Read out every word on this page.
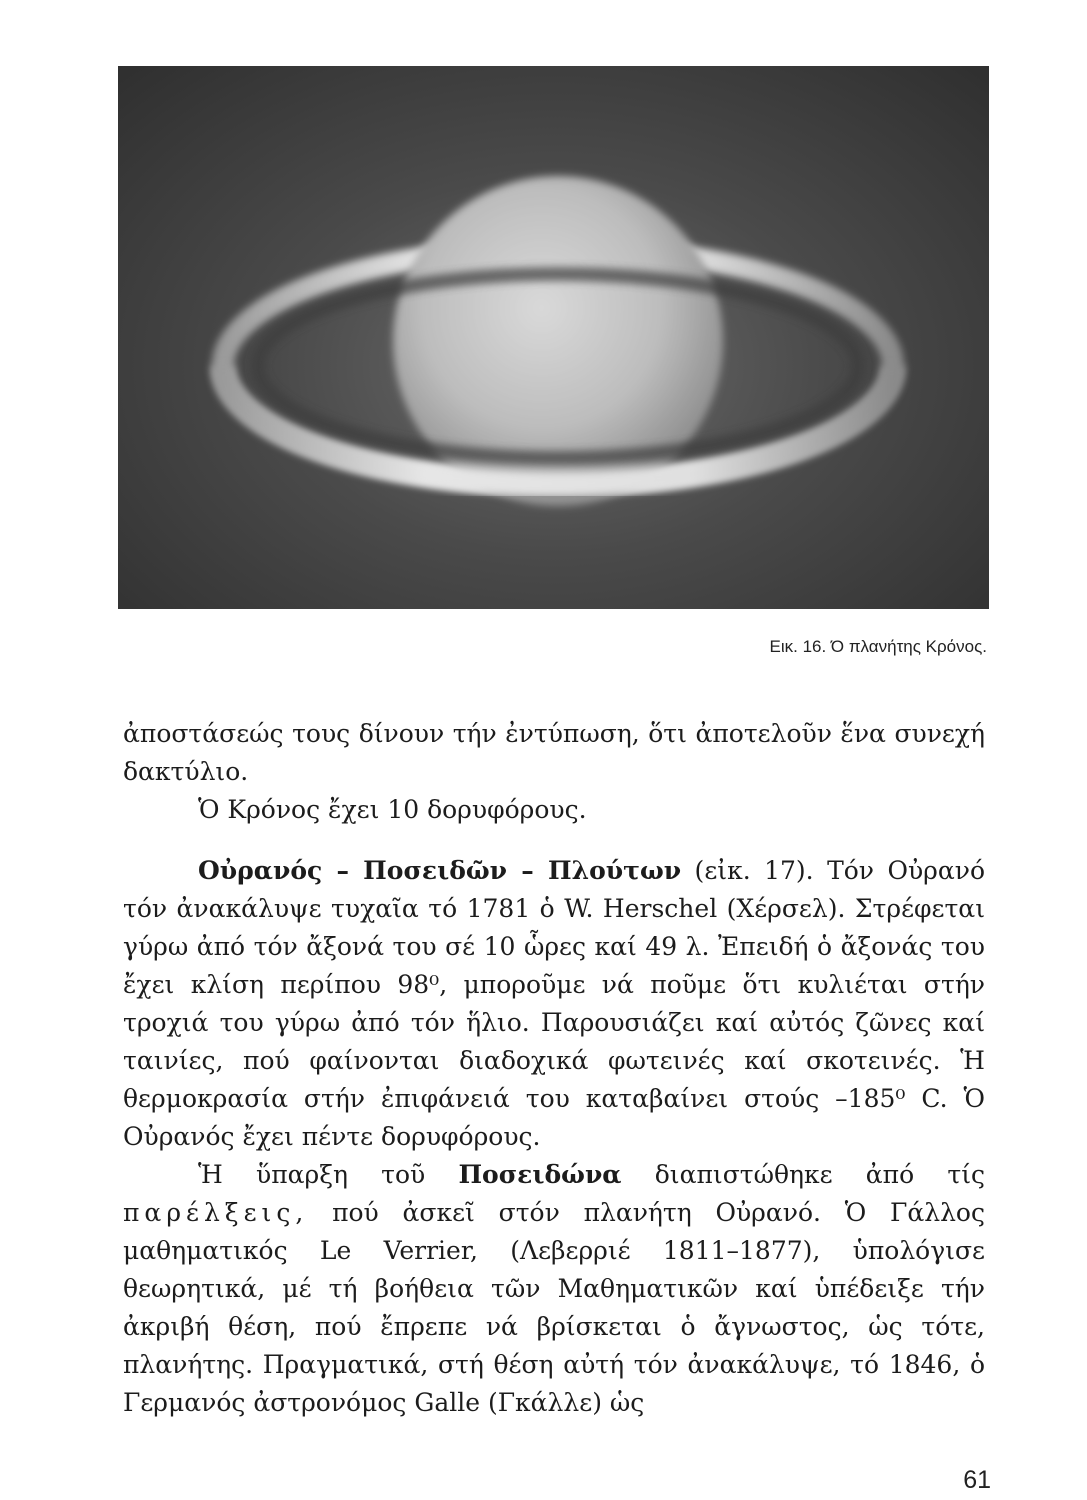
Εικ. 16. Ό πλανήτης Κρόνος.

ἀποστάσεώς τους δίνουν τήν ἐντύπωση, ὅτι ἀποτελοῦν ἕνα συνεχή δακτύλιο.

Ὁ Κρόνος ἔχει 10 δορυφόρους.

Οὐρανός – Ποσειδῶν – Πλούτων (εἰκ. 17). Τόν Οὐρανό τόν ἀνακάλυψε τυχαῖα τό 1781 ὁ W. Herschel (Χέρσελ). Στρέφεται γύρω ἀπό τόν ἄξονά του σέ 10 ὧρες καί 49 λ. Ἐπειδή ὁ ἄξονάς του ἔχει κλίση περίπου 98⁰, μποροῦμε νά ποῦμε ὅτι κυλιέται στήν τροχιά του γύρω ἀπό τόν ἥλιο. Παρουσιάζει καί αὐτός ζῶνες καί ταινίες, πού φαίνονται διαδοχικά φωτεινές καί σκοτεινές. Ἡ θερμοκρασία στήν ἐπιφάνειά του καταβαίνει στούς –185⁰ C. Ὁ Οὐρανός ἔχει πέντε δορυφόρους.

Ἡ ὕπαρξη τοῦ Ποσειδώνα διαπιστώθηκε ἀπό τίς παρέλξεις, πού ἀσκεῖ στόν πλανήτη Οὐρανό. Ὁ Γάλλος μαθηματικός Le Verrier, (Λεβερριέ 1811–1877), ὑπολόγισε θεωρητικά, μέ τή βοήθεια τῶν Μαθηματικῶν καί ὑπέδειξε τήν ἀκριβή θέση, πού ἔπρεπε νά βρίσκεται ὁ ἄγνωστος, ὡς τότε, πλανήτης. Πραγματικά, στή θέση αὐτή τόν ἀνακάλυψε, τό 1846, ὁ Γερμανός ἀστρονόμος Galle (Γκάλλε) ὡς

61
